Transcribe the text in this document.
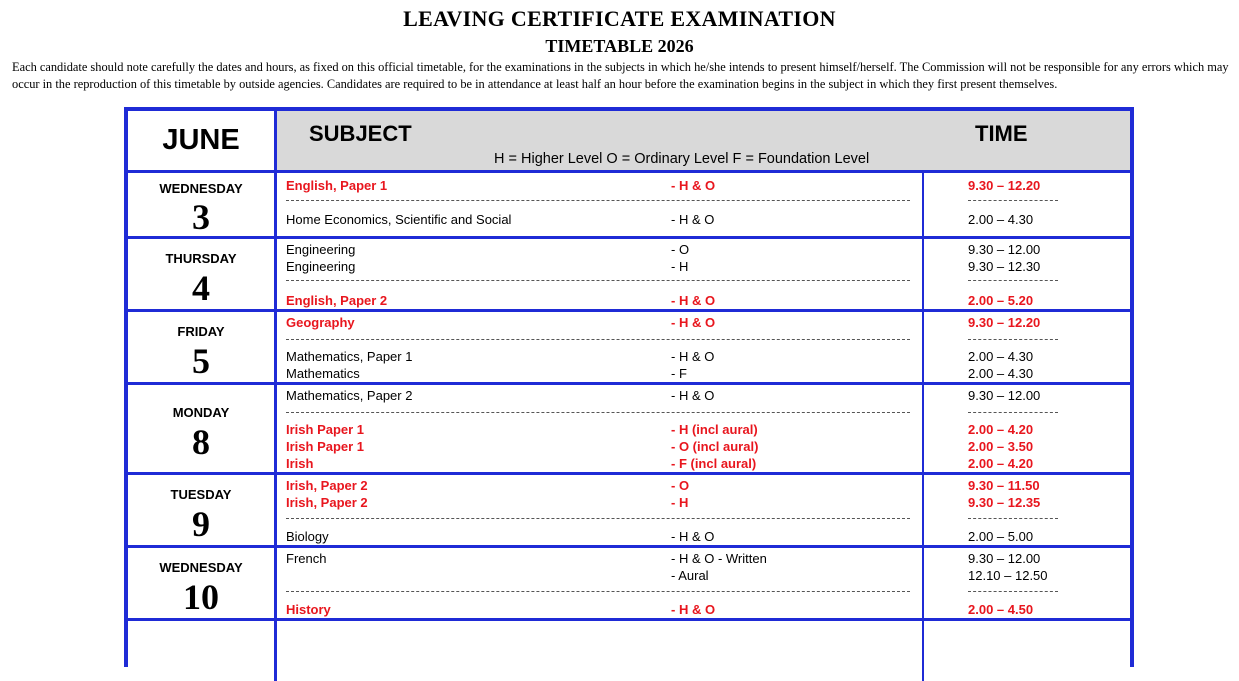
LEAVING CERTIFICATE EXAMINATION
TIMETABLE 2026
Each candidate should note carefully the dates and hours, as fixed on this official timetable, for the examinations in the subjects in which he/she intends to present himself/herself. The Commission will not be responsible for any errors which may occur in the reproduction of this timetable by outside agencies. Candidates are required to be in attendance at least half an hour before the examination begins in the subject in which they first present themselves.
JUNE	SUBJECT
H = Higher Level O = Ordinary Level F = Foundation Level
TIME
WEDNESDAY
3
English, Paper 1	- H & O	9.30 – 12.20
Home Economics, Scientific and Social	- H & O	2.00 – 4.30
THURSDAY
4
Engineering	- O	9.30 – 12.00
Engineering	- H	9.30 – 12.30
English, Paper 2	- H & O	2.00 – 5.20
FRIDAY
5
Geography	- H & O	9.30 – 12.20
Mathematics, Paper 1	- H & O	2.00 – 4.30
Mathematics	- F	2.00 – 4.30
MONDAY
8
Mathematics, Paper 2	- H & O	9.30 – 12.00
Irish Paper 1	- H (incl aural)	2.00 – 4.20
Irish Paper 1	- O (incl aural)	2.00 – 3.50
Irish	- F (incl aural)	2.00 – 4.20
TUESDAY
9
Irish, Paper 2	- O	9.30 – 11.50
Irish, Paper 2	- H	9.30 – 12.35
Biology	- H & O	2.00 – 5.00
WEDNESDAY
10
French	- H & O - Written	9.30 – 12.00
- Aural	12.10 – 12.50
History	- H & O	2.00 – 4.50
